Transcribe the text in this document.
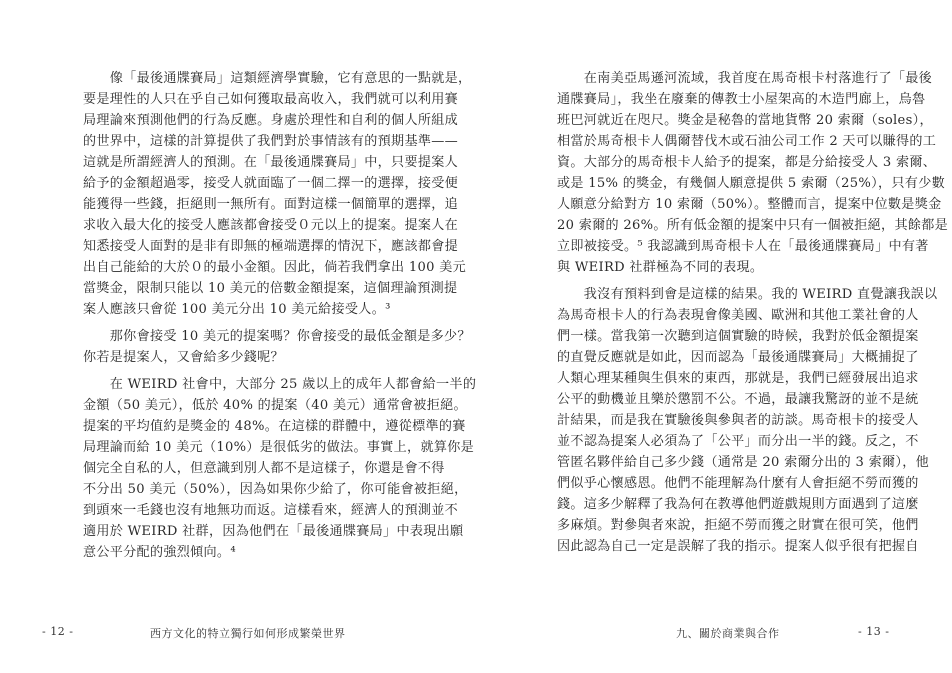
　　像「最後通牒賽局」這類經濟學實驗，它有意思的一點就是，
要是理性的人只在乎自己如何獲取最高收入，我們就可以利用賽
局理論來預測他們的行為反應。身處於理性和自利的個人所組成
的世界中，這樣的計算提供了我們對於事情該有的預期基準——
這就是所謂經濟人的預測。在「最後通牒賽局」中，只要提案人
給予的金額超過零，接受人就面臨了一個二擇一的選擇，接受便
能獲得一些錢，拒絕則一無所有。面對這樣一個簡單的選擇，追
求收入最大化的接受人應該都會接受０元以上的提案。提案人在
知悉接受人面對的是非有即無的極端選擇的情況下，應該都會提
出自己能給的大於０的最小金額。因此，倘若我們拿出 100 美元
當獎金，限制只能以 10 美元的倍數金額提案，這個理論預測提
案人應該只會從 100 美元分出 10 美元給接受人。³
　　那你會接受 10 美元的提案嗎？你會接受的最低金額是多少？
你若是提案人，又會給多少錢呢？
　　在 WEIRD 社會中，大部分 25 歲以上的成年人都會給一半的
金額（50 美元），低於 40% 的提案（40 美元）通常會被拒絕。
提案的平均值約是獎金的 48%。在這樣的群體中，遵從標準的賽
局理論而給 10 美元（10%）是很低劣的做法。事實上，就算你是
個完全自私的人，但意識到別人都不是這樣子，你還是會不得
不分出 50 美元（50%），因為如果你少給了，你可能會被拒絕，
到頭來一毛錢也沒有地無功而返。這樣看來，經濟人的預測並不
適用於 WEIRD 社群，因為他們在「最後通牒賽局」中表現出願
意公平分配的強烈傾向。⁴
　　在南美亞馬遜河流域，我首度在馬奇根卡村落進行了「最後
通牒賽局」，我坐在廢棄的傳教士小屋架高的木造門廊上，烏魯
班巴河就近在咫尺。獎金是秘魯的當地貨幣 20 索爾（soles），
相當於馬奇根卡人偶爾替伐木或石油公司工作 2 天可以賺得的工
資。大部分的馬奇根卡人給予的提案，都是分給接受人 3 索爾、
或是 15% 的獎金，有幾個人願意提供 5 索爾（25%），只有少數
人願意分給對方 10 索爾（50%）。整體而言，提案中位數是獎金
20 索爾的 26%。所有低金額的提案中只有一個被拒絕，其餘都是
立即被接受。⁵ 我認識到馬奇根卡人在「最後通牒賽局」中有著
與 WEIRD 社群極為不同的表現。
　　我沒有預料到會是這樣的結果。我的 WEIRD 直覺讓我誤以
為馬奇根卡人的行為表現會像美國、歐洲和其他工業社會的人
們一樣。當我第一次聽到這個實驗的時候，我對於低金額提案
的直覺反應就是如此，因而認為「最後通牒賽局」大概捕捉了
人類心理某種與生俱來的東西，那就是，我們已經發展出追求
公平的動機並且樂於懲罰不公。不過，最讓我驚訝的並不是統
計結果，而是我在實驗後與參與者的訪談。馬奇根卡的接受人
並不認為提案人必須為了「公平」而分出一半的錢。反之，不
管匿名夥伴給自己多少錢（通常是 20 索爾分出的 3 索爾），他
們似乎心懷感恩。他們不能理解為什麼有人會拒絕不勞而獲的
錢。這多少解釋了我為何在教導他們遊戲規則方面遇到了這麼
多麻煩。對參與者來說，拒絕不勞而獲之財實在很可笑，他們
因此認為自己一定是誤解了我的指示。提案人似乎很有把握自
- 12 -	西方文化的特立獨行如何形成繁榮世界	九、關於商業與合作	- 13 -
